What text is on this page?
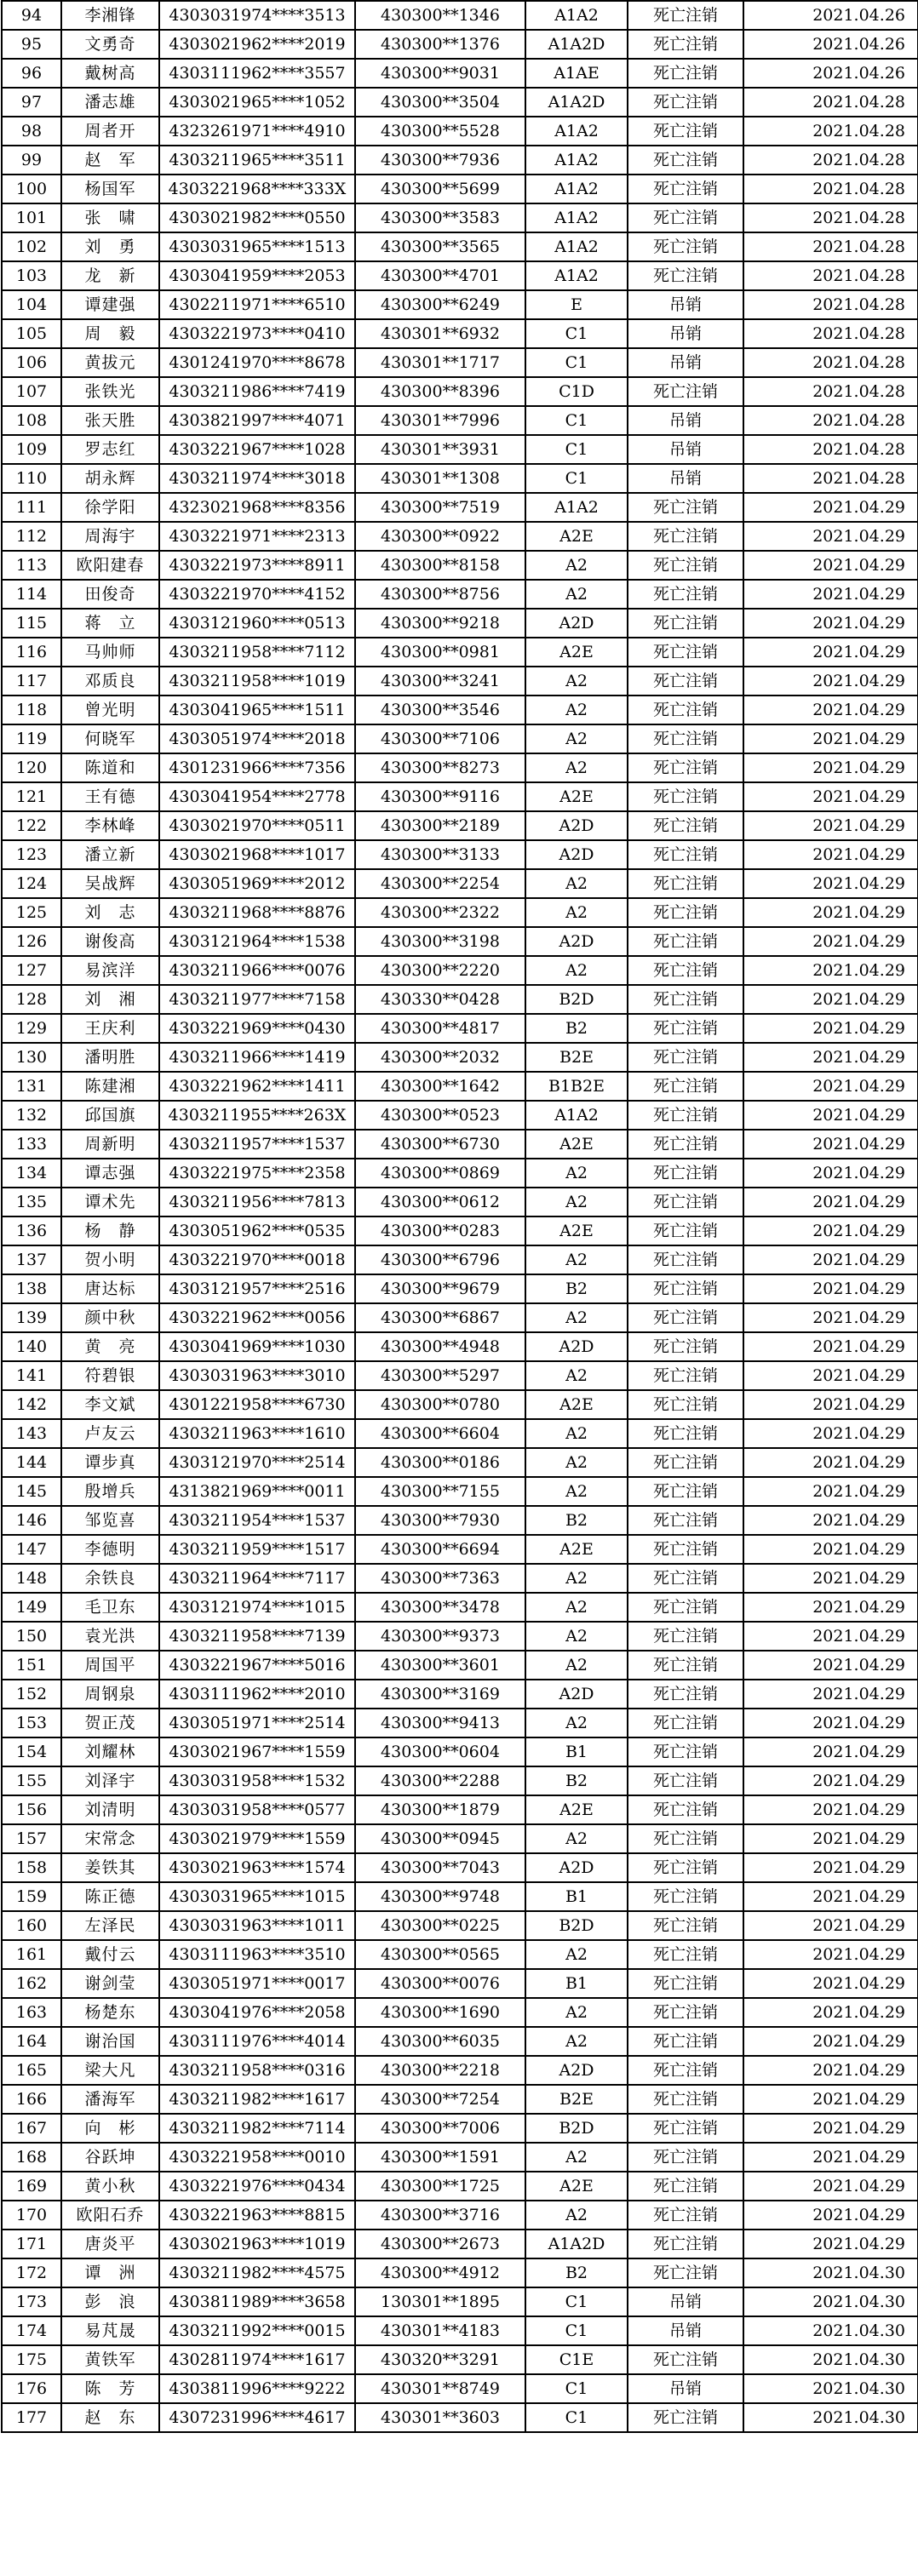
94	李湘锋	4303031974****3513	430300**1346	A1A2	死亡注销	2021.04.26
95	文勇奇	4303021962****2019	430300**1376	A1A2D	死亡注销	2021.04.26
96	戴树高	4303111962****3557	430300**9031	A1AE	死亡注销	2021.04.26
97	潘志雄	4303021965****1052	430300**3504	A1A2D	死亡注销	2021.04.28
98	周者开	4323261971****4910	430300**5528	A1A2	死亡注销	2021.04.28
99	赵　军	4303211965****3511	430300**7936	A1A2	死亡注销	2021.04.28
100	杨国军	4303221968****333X	430300**5699	A1A2	死亡注销	2021.04.28
101	张　啸	4303021982****0550	430300**3583	A1A2	死亡注销	2021.04.28
102	刘　勇	4303031965****1513	430300**3565	A1A2	死亡注销	2021.04.28
103	龙　新	4303041959****2053	430300**4701	A1A2	死亡注销	2021.04.28
104	谭建强	4302211971****6510	430300**6249	E	吊销	2021.04.28
105	周　毅	4303221973****0410	430301**6932	C1	吊销	2021.04.28
106	黄拔元	4301241970****8678	430301**1717	C1	吊销	2021.04.28
107	张铁光	4303211986****7419	430300**8396	C1D	死亡注销	2021.04.28
108	张天胜	4303821997****4071	430301**7996	C1	吊销	2021.04.28
109	罗志红	4303221967****1028	430301**3931	C1	吊销	2021.04.28
110	胡永辉	4303211974****3018	430301**1308	C1	吊销	2021.04.28
111	徐学阳	4323021968****8356	430300**7519	A1A2	死亡注销	2021.04.29
112	周海宇	4303221971****2313	430300**0922	A2E	死亡注销	2021.04.29
113	欧阳建春	4303221973****8911	430300**8158	A2	死亡注销	2021.04.29
114	田俊奇	4303221970****4152	430300**8756	A2	死亡注销	2021.04.29
115	蒋　立	4303121960****0513	430300**9218	A2D	死亡注销	2021.04.29
116	马帅师	4303211958****7112	430300**0981	A2E	死亡注销	2021.04.29
117	邓质良	4303211958****1019	430300**3241	A2	死亡注销	2021.04.29
118	曾光明	4303041965****1511	430300**3546	A2	死亡注销	2021.04.29
119	何晓军	4303051974****2018	430300**7106	A2	死亡注销	2021.04.29
120	陈道和	4301231966****7356	430300**8273	A2	死亡注销	2021.04.29
121	王有德	4303041954****2778	430300**9116	A2E	死亡注销	2021.04.29
122	李林峰	4303021970****0511	430300**2189	A2D	死亡注销	2021.04.29
123	潘立新	4303021968****1017	430300**3133	A2D	死亡注销	2021.04.29
124	吴战辉	4303051969****2012	430300**2254	A2	死亡注销	2021.04.29
125	刘　志	4303211968****8876	430300**2322	A2	死亡注销	2021.04.29
126	谢俊高	4303121964****1538	430300**3198	A2D	死亡注销	2021.04.29
127	易滨洋	4303211966****0076	430300**2220	A2	死亡注销	2021.04.29
128	刘　湘	4303211977****7158	430330**0428	B2D	死亡注销	2021.04.29
129	王庆利	4303221969****0430	430300**4817	B2	死亡注销	2021.04.29
130	潘明胜	4303211966****1419	430300**2032	B2E	死亡注销	2021.04.29
131	陈建湘	4303221962****1411	430300**1642	B1B2E	死亡注销	2021.04.29
132	邱国旗	4303211955****263X	430300**0523	A1A2	死亡注销	2021.04.29
133	周新明	4303211957****1537	430300**6730	A2E	死亡注销	2021.04.29
134	谭志强	4303221975****2358	430300**0869	A2	死亡注销	2021.04.29
135	谭术先	4303211956****7813	430300**0612	A2	死亡注销	2021.04.29
136	杨　静	4303051962****0535	430300**0283	A2E	死亡注销	2021.04.29
137	贺小明	4303221970****0018	430300**6796	A2	死亡注销	2021.04.29
138	唐达标	4303121957****2516	430300**9679	B2	死亡注销	2021.04.29
139	颜中秋	4303221962****0056	430300**6867	A2	死亡注销	2021.04.29
140	黄　亮	4303041969****1030	430300**4948	A2D	死亡注销	2021.04.29
141	符碧银	4303031963****3010	430300**5297	A2	死亡注销	2021.04.29
142	李文斌	4301221958****6730	430300**0780	A2E	死亡注销	2021.04.29
143	卢友云	4303211963****1610	430300**6604	A2	死亡注销	2021.04.29
144	谭步真	4303121970****2514	430300**0186	A2	死亡注销	2021.04.29
145	殷增兵	4313821969****0011	430300**7155	A2	死亡注销	2021.04.29
146	邹览喜	4303211954****1537	430300**7930	B2	死亡注销	2021.04.29
147	李德明	4303211959****1517	430300**6694	A2E	死亡注销	2021.04.29
148	余铁良	4303211964****7117	430300**7363	A2	死亡注销	2021.04.29
149	毛卫东	4303121974****1015	430300**3478	A2	死亡注销	2021.04.29
150	袁光洪	4303211958****7139	430300**9373	A2	死亡注销	2021.04.29
151	周国平	4303221967****5016	430300**3601	A2	死亡注销	2021.04.29
152	周钢泉	4303111962****2010	430300**3169	A2D	死亡注销	2021.04.29
153	贺正茂	4303051971****2514	430300**9413	A2	死亡注销	2021.04.29
154	刘耀林	4303021967****1559	430300**0604	B1	死亡注销	2021.04.29
155	刘泽宇	4303031958****1532	430300**2288	B2	死亡注销	2021.04.29
156	刘清明	4303031958****0577	430300**1879	A2E	死亡注销	2021.04.29
157	宋常念	4303021979****1559	430300**0945	A2	死亡注销	2021.04.29
158	姜铁其	4303021963****1574	430300**7043	A2D	死亡注销	2021.04.29
159	陈正德	4303031965****1015	430300**9748	B1	死亡注销	2021.04.29
160	左泽民	4303031963****1011	430300**0225	B2D	死亡注销	2021.04.29
161	戴付云	4303111963****3510	430300**0565	A2	死亡注销	2021.04.29
162	谢剑莹	4303051971****0017	430300**0076	B1	死亡注销	2021.04.29
163	杨楚东	4303041976****2058	430300**1690	A2	死亡注销	2021.04.29
164	谢治国	4303111976****4014	430300**6035	A2	死亡注销	2021.04.29
165	梁大凡	4303211958****0316	430300**2218	A2D	死亡注销	2021.04.29
166	潘海军	4303211982****1617	430300**7254	B2E	死亡注销	2021.04.29
167	向　彬	4303211982****7114	430300**7006	B2D	死亡注销	2021.04.29
168	谷跃坤	4303221958****0010	430300**1591	A2	死亡注销	2021.04.29
169	黄小秋	4303221976****0434	430300**1725	A2E	死亡注销	2021.04.29
170	欧阳石乔	4303221963****8815	430300**3716	A2	死亡注销	2021.04.29
171	唐炎平	4303021963****1019	430300**2673	A1A2D	死亡注销	2021.04.29
172	谭　洲	4303211982****4575	430300**4912	B2	死亡注销	2021.04.30
173	彭　浪	4303811989****3658	130301**1895	C1	吊销	2021.04.30
174	易芃晟	4303211992****0015	430301**4183	C1	吊销	2021.04.30
175	黄铁军	4302811974****1617	430320**3291	C1E	死亡注销	2021.04.30
176	陈　芳	4303811996****9222	430301**8749	C1	吊销	2021.04.30
177	赵　东	4307231996****4617	430301**3603	C1	死亡注销	2021.04.30
